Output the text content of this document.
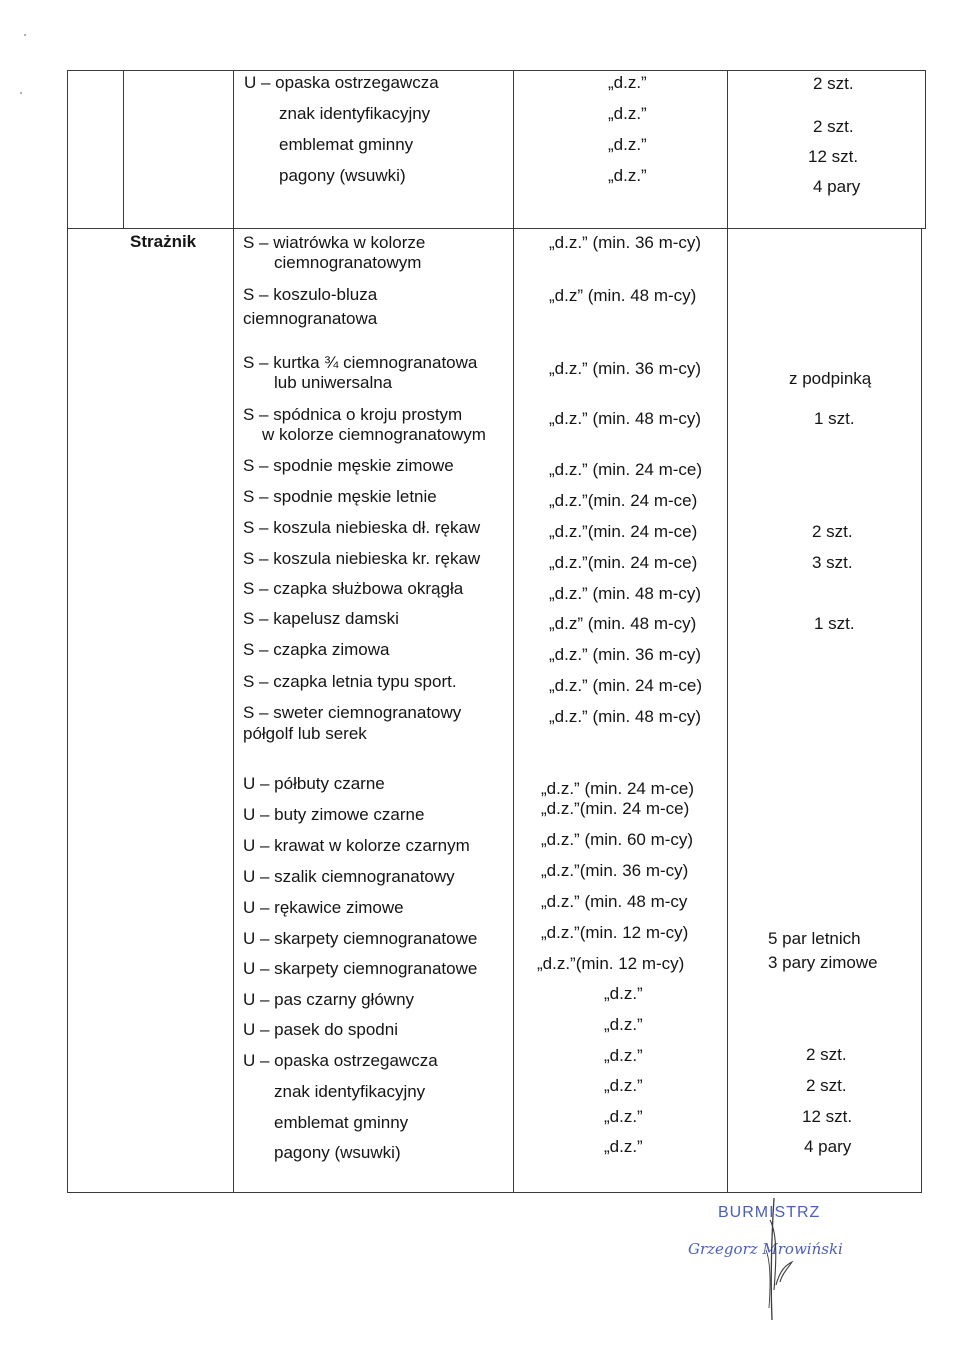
U – opaska ostrzegawcza
znak identyfikacyjny
emblemat gminny
pagony (wsuwki)
„d.z.”
„d.z.”
„d.z.”
„d.z.”
2 szt.
2 szt.
12 szt.
4 pary
Strażnik	S – wiatrówka w kolorze
ciemnogranatowym
S – koszulo-bluza
ciemnogranatowa
S – kurtka ¾ ciemnogranatowa
lub uniwersalna
S – spódnica o kroju prostym
w kolorze ciemnogranatowym
S – spodnie męskie zimowe
S – spodnie męskie letnie
S – koszula niebieska dł. rękaw
S – koszula niebieska kr. rękaw
S – czapka służbowa okrągła
S – kapelusz damski
S – czapka zimowa
S – czapka letnia typu sport.
S – sweter ciemnogranatowy
półgolf lub serek
„d.z.” (min. 36 m-cy)
„d.z” (min. 48 m-cy)
„d.z.” (min. 36 m-cy)
„d.z.” (min. 48 m-cy)
„d.z.” (min. 24 m-ce)
„d.z.”(min. 24 m-ce)
„d.z.”(min. 24 m-ce)
„d.z.”(min. 24 m-ce)
„d.z.” (min. 48 m-cy)
„d.z” (min. 48 m-cy)
„d.z.” (min. 36 m-cy)
„d.z.” (min. 24 m-ce)
„d.z.” (min. 48 m-cy)
z podpinką
1 szt.
2 szt.
3 szt.
1 szt.
U – półbuty czarne
U – buty zimowe czarne
U – krawat w kolorze czarnym
U – szalik ciemnogranatowy
U – rękawice zimowe
U – skarpety ciemnogranatowe
U – skarpety ciemnogranatowe
U – pas czarny główny
U – pasek do spodni
U – opaska ostrzegawcza
znak identyfikacyjny
emblemat gminny
pagony (wsuwki)
„d.z.” (min. 24 m-ce)
„d.z.”(min. 24 m-ce)
„d.z.” (min. 60 m-cy)
„d.z.”(min. 36 m-cy)
„d.z.” (min. 48 m-cy
„d.z.”(min. 12 m-cy)
„d.z.”(min. 12 m-cy)
„d.z.”
„d.z.”
„d.z.”
„d.z.”
„d.z.”
„d.z.”
5 par letnich
3 pary zimowe
2 szt.
2 szt.
12 szt.
4 pary
BURMISTRZ
Grzegorz Mrowiński
